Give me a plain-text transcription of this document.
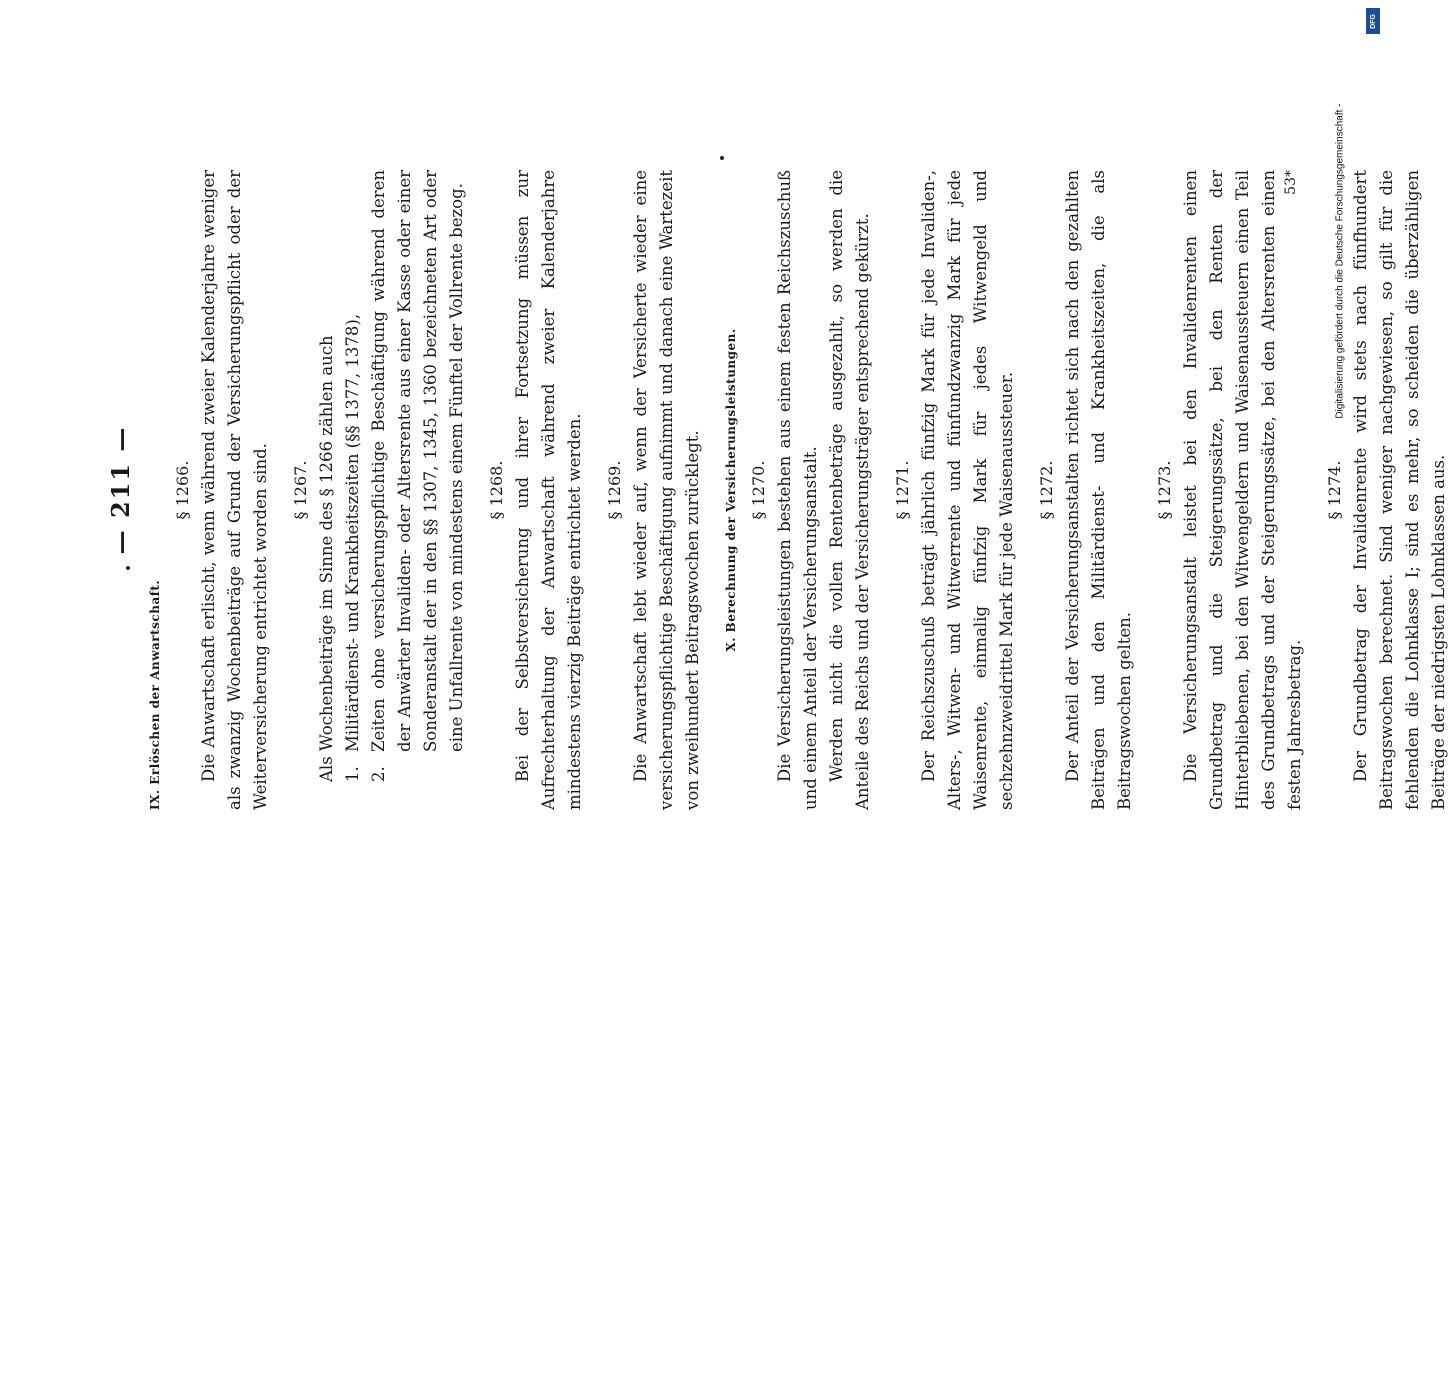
— 211 —

IX. Erlöschen der Anwartschaft.

§ 1266. Die Anwartschaft erlischt, wenn während zweier Kalenderjahre weniger als zwanzig Wochenbeiträge auf Grund der Versicherungspflicht oder der Weiterversicherung entrichtet worden sind. § 1267. Als Wochenbeiträge im Sinne des § 1266 zählen auch 1.
Militärdienst- und Krankheitszeiten (§§ 1377, 1378),
2.
Zeiten ohne versicherungspflichtige Beschäftigung während deren der Anwärter Invaliden- oder Altersrente aus einer Kasse oder einer Sonderanstalt der in den §§ 1307, 1345, 1360 bezeichneten Art oder eine Unfallrente von mindestens einem Fünftel der Vollrente bezog. § 1268. Bei der Selbstversicherung und ihrer Fortsetzung müssen zur Aufrechterhaltung der Anwartschaft während zweier Kalenderjahre mindestens vierzig Beiträge entrichtet werden. § 1269. Die Anwartschaft lebt wieder auf, wenn der Versicherte wieder eine versicherungspflichtige Beschäftigung aufnimmt und danach eine Wartezeit von zweihundert Beitragswochen zurücklegt.	X. Berechnung der Versicherungsleistungen. § 1270. Die Versicherungsleistungen bestehen aus einem festen Reichszuschuß und einem Anteil der Versicherungsanstalt. Werden nicht die vollen Rentenbeträge ausgezahlt, so werden die Anteile des Reichs und der Versicherungsträger entsprechend gekürzt. § 1271. Der Reichszuschuß beträgt jährlich fünfzig Mark für jede Invaliden-, Alters-, Witwen- und Witwerrente und fünfundzwanzig Mark für jede Waisenrente, einmalig fünfzig Mark für jedes Witwengeld und sechzehnzweidrittel Mark für jede Waisenaussteuer. § 1272. Der Anteil der Versicherungsanstalten richtet sich nach den gezahlten Beiträgen und den Militärdienst- und Krankheitszeiten, die als Beitragswochen gelten.

§ 1273. Die Versicherungsanstalt leistet bei den Invalidenrenten einen Grundbetrag und die Steigerungssätze, bei den Renten der Hinterbliebenen, bei den Witwengeldern und Waisenaussteuern einen Teil des Grundbetrags und der Steigerungssätze, bei den Altersrenten einen festen Jahresbetrag.

§ 1274. Der Grundbetrag der Invalidenrente wird stets nach fünfhundert Beitragswochen berechnet. Sind weniger nachgewiesen, so gilt für die fehlenden die Lohnklasse I; sind es mehr, so scheiden die überzähligen Beiträge der niedrigsten Lohnklassen aus.

53*	Digitalisierung gefördert durch die Deutsche Forschungsgemeinschaft -
DFG
